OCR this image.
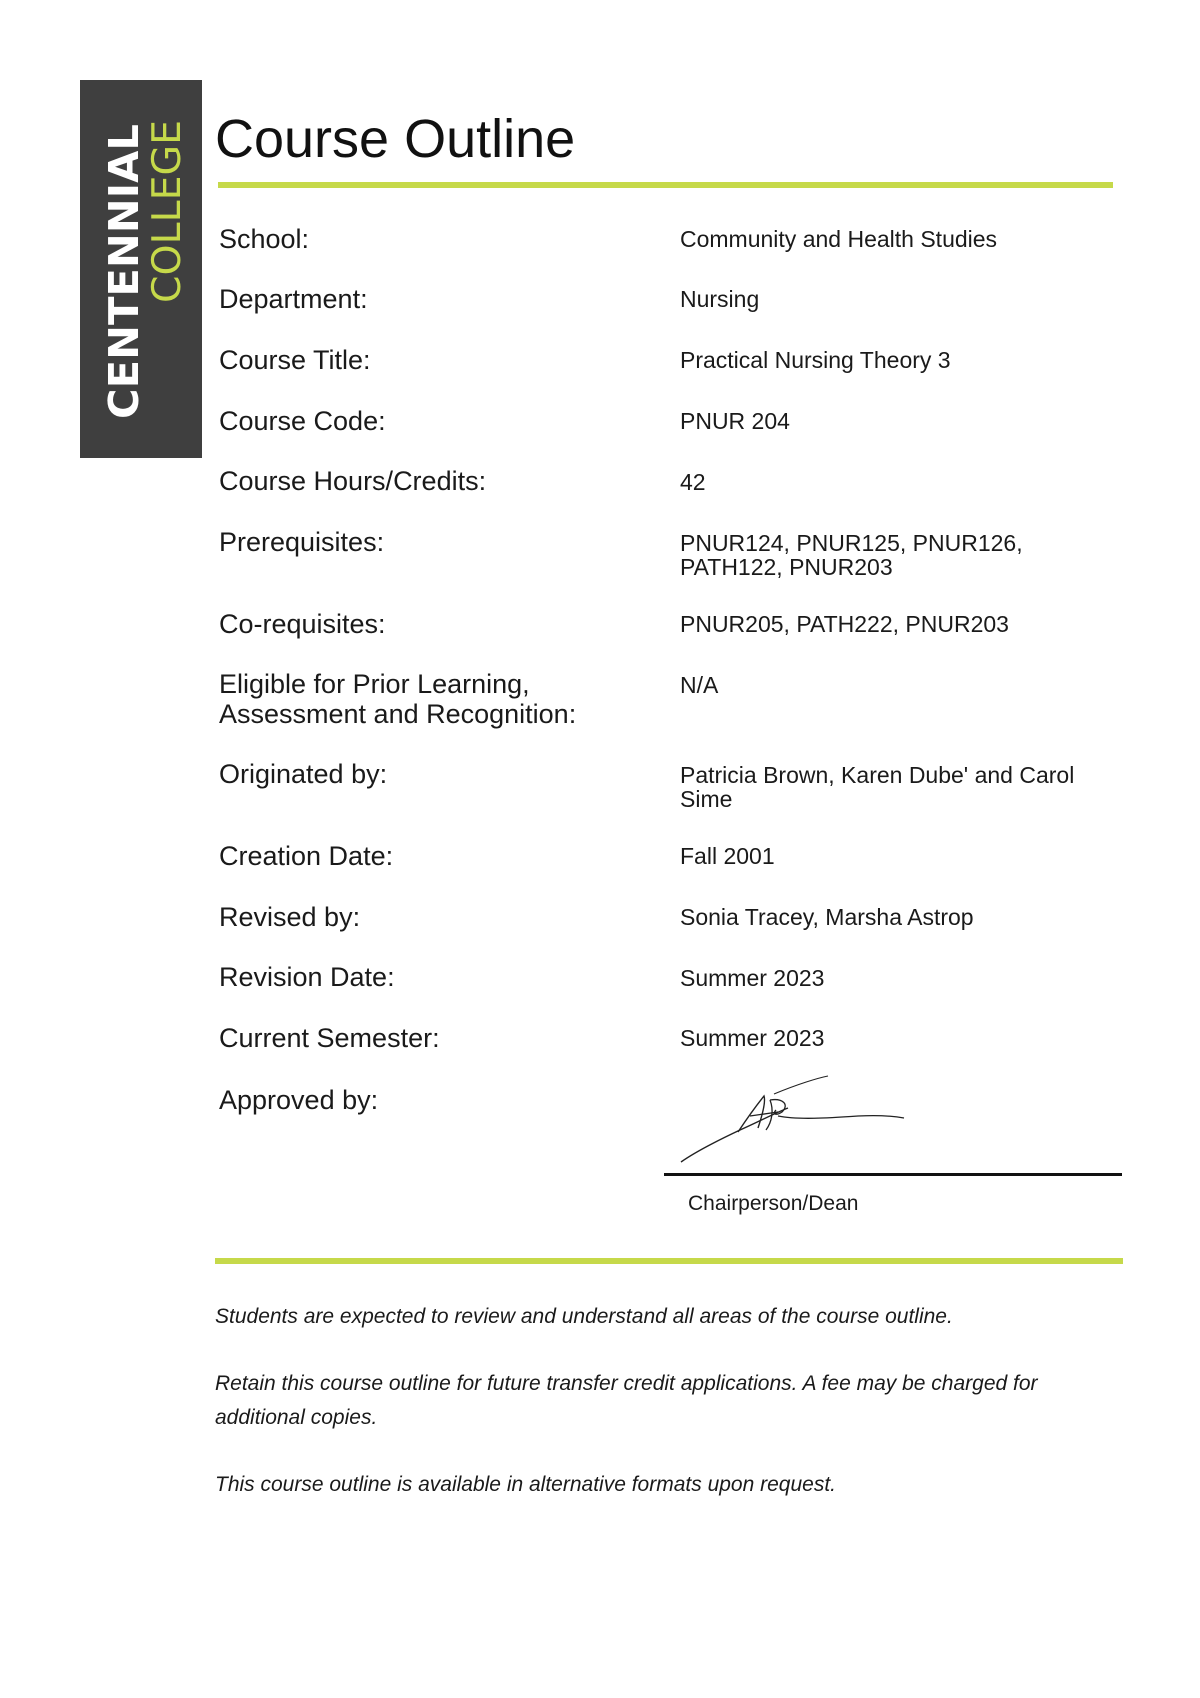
CENTENNIAL
COLLEGE Course Outline
School:	Community and Health Studies
Department:	Nursing
Course Title:	Practical Nursing Theory 3
Course Code:	PNUR 204
Course Hours/Credits:	42
Prerequisites:	PNUR124, PNUR125, PNUR126,
PATH122, PNUR203
Co-requisites:	PNUR205, PATH222, PNUR203
Eligible for Prior Learning,
Assessment and Recognition:
N/A
Originated by:	Patricia Brown, Karen Dube' and Carol
Sime
Creation Date:	Fall 2001
Revised by:	Sonia Tracey, Marsha Astrop
Revision Date:	Summer 2023
Current Semester:	Summer 2023
Approved by:
Chairperson/Dean

Students are expected to review and understand all areas of the course outline.

Retain this course outline for future transfer credit applications. A fee may be charged for additional copies.

This course outline is available in alternative formats upon request.
